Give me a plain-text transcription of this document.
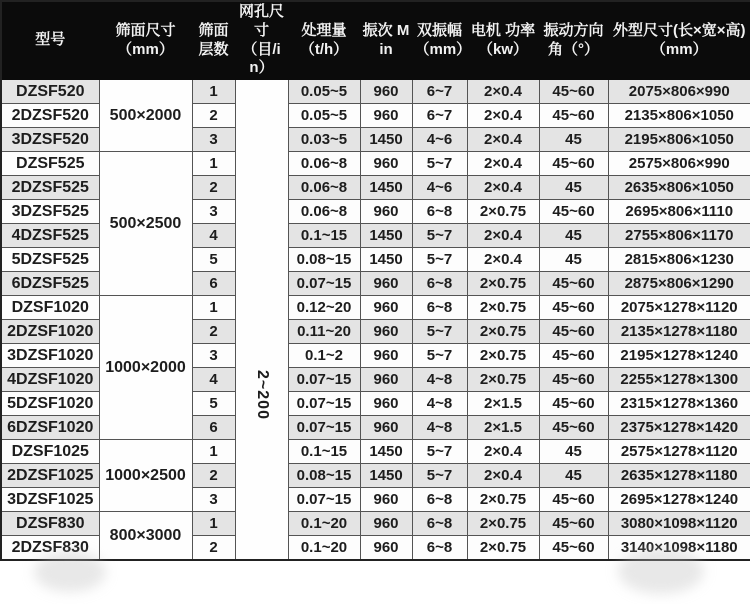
型号	筛面尺寸（mm）	筛面层数	网孔尺寸（目/in）	处理量（t/h）	振次 Min	双振幅（mm）	电机 功率（kw）	振动方向角（°）	外型尺寸(长×宽×高)（mm）
DZSF520	500×2000	1	2~200	0.05~5	960	6~7	2×0.4	45~60	2075×806×990
2DZSF520		2		0.05~5	960	6~7	2×0.4	45~60	2135×806×1050
3DZSF520		3		0.03~5	1450	4~6	2×0.4	45	2195×806×1050
DZSF525	500×2500	1		0.06~8	960	5~7	2×0.4	45~60	2575×806×990
2DZSF525		2		0.06~8	1450	4~6	2×0.4	45	2635×806×1050
3DZSF525		3		0.06~8	960	6~8	2×0.75	45~60	2695×806×1110
4DZSF525		4		0.1~15	1450	5~7	2×0.4	45	2755×806×1170
5DZSF525		5		0.08~15	1450	5~7	2×0.4	45	2815×806×1230
6DZSF525		6		0.07~15	960	6~8	2×0.75	45~60	2875×806×1290
DZSF1020	1000×2000	1		0.12~20	960	6~8	2×0.75	45~60	2075×1278×1120
2DZSF1020		2		0.11~20	960	5~7	2×0.75	45~60	2135×1278×1180
3DZSF1020		3		0.1~2	960	5~7	2×0.75	45~60	2195×1278×1240
4DZSF1020		4		0.07~15	960	4~8	2×0.75	45~60	2255×1278×1300
5DZSF1020		5		0.07~15	960	4~8	2×1.5	45~60	2315×1278×1360
6DZSF1020		6		0.07~15	960	4~8	2×1.5	45~60	2375×1278×1420
DZSF1025	1000×2500	1		0.1~15	1450	5~7	2×0.4	45	2575×1278×1120
2DZSF1025		2		0.08~15	1450	5~7	2×0.4	45	2635×1278×1180
3DZSF1025		3		0.07~15	960	6~8	2×0.75	45~60	2695×1278×1240
DZSF830	800×3000	1		0.1~20	960	6~8	2×0.75	45~60	3080×1098×1120
2DZSF830		2		0.1~20	960	6~8	2×0.75	45~60	3140×1098×1180
